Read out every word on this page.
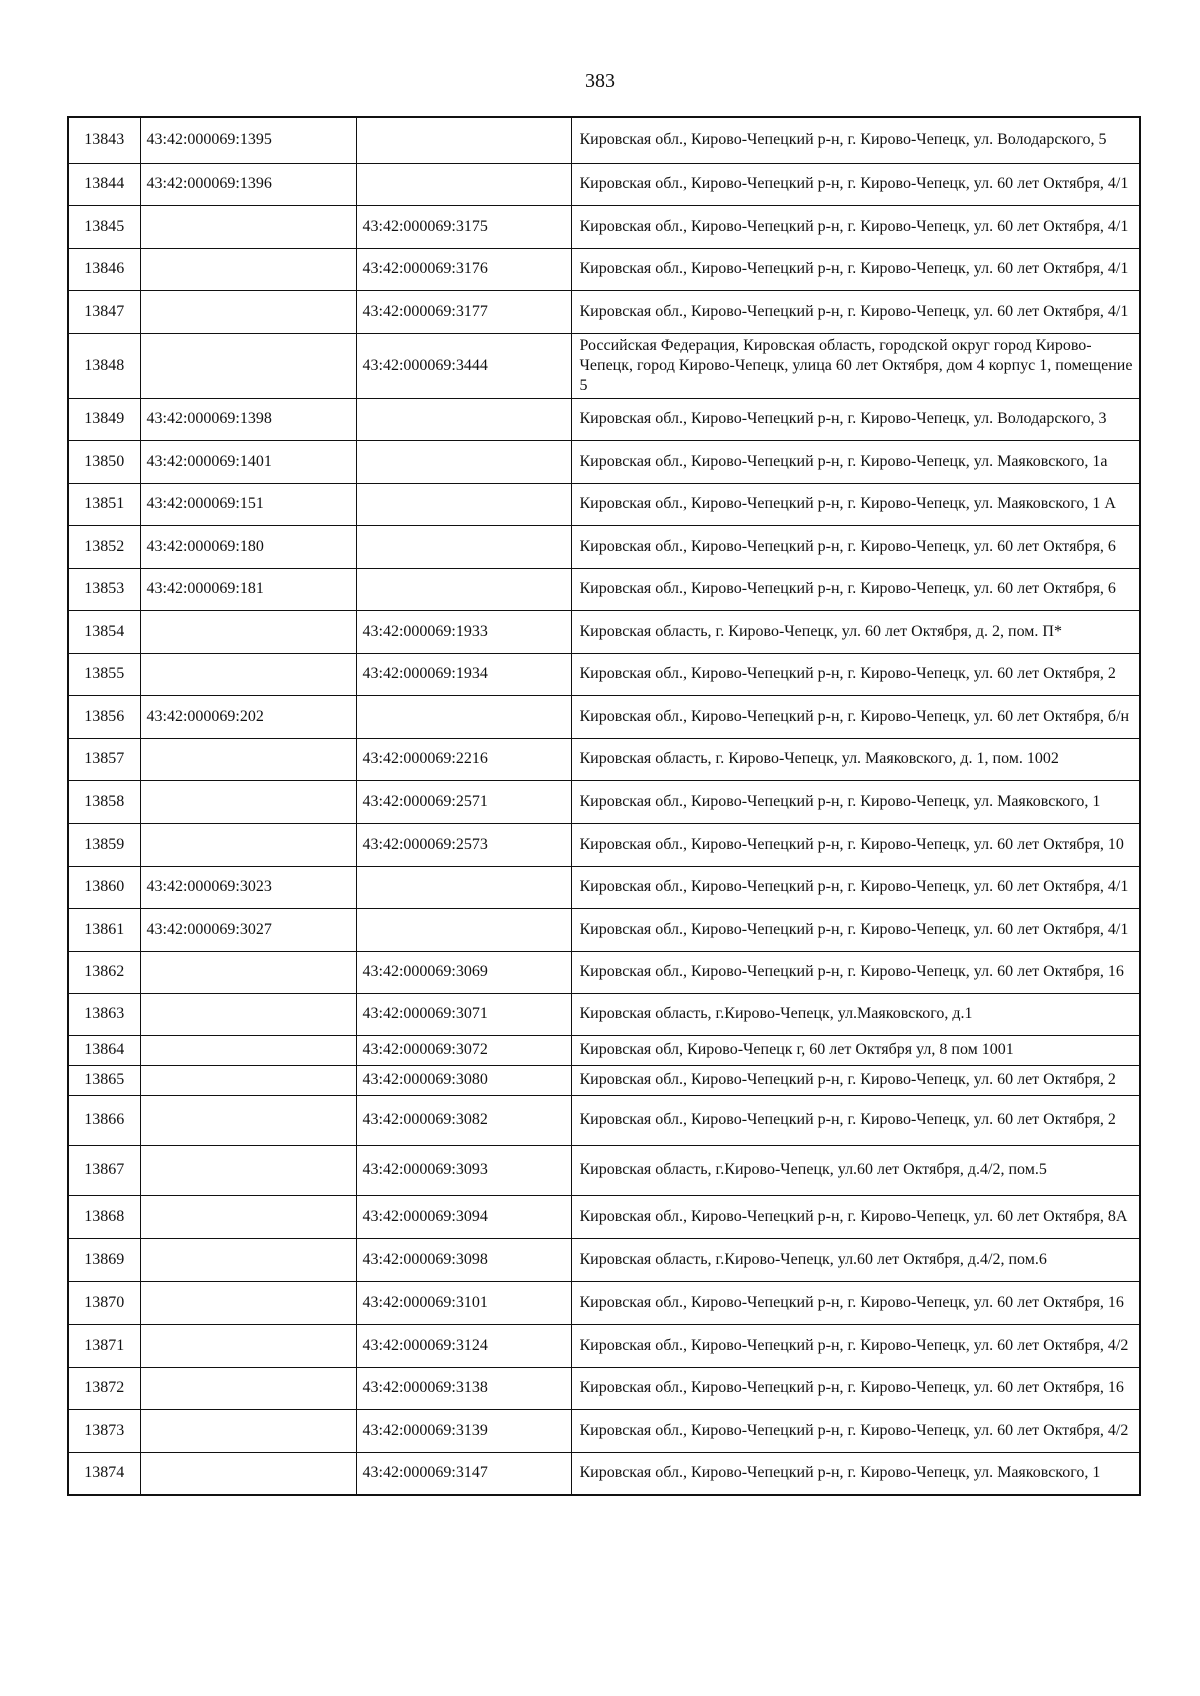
383
13843	43:42:000069:1395		Кировская обл., Кирово-Чепецкий р-н, г. Кирово-Чепецк, ул. Володарского, 5
13844	43:42:000069:1396		Кировская обл., Кирово-Чепецкий р-н, г. Кирово-Чепецк, ул. 60 лет Октября, 4/1
13845		43:42:000069:3175	Кировская обл., Кирово-Чепецкий р-н, г. Кирово-Чепецк, ул. 60 лет Октября, 4/1
13846		43:42:000069:3176	Кировская обл., Кирово-Чепецкий р-н, г. Кирово-Чепецк, ул. 60 лет Октября, 4/1
13847		43:42:000069:3177	Кировская обл., Кирово-Чепецкий р-н, г. Кирово-Чепецк, ул. 60 лет Октября, 4/1
13848		43:42:000069:3444	Российская Федерация, Кировская область, городской округ город Кирово-Чепецк, город Кирово-Чепецк, улица 60 лет Октября, дом 4 корпус 1, помещение 5
13849	43:42:000069:1398		Кировская обл., Кирово-Чепецкий р-н, г. Кирово-Чепецк, ул. Володарского, 3
13850	43:42:000069:1401		Кировская обл., Кирово-Чепецкий р-н, г. Кирово-Чепецк, ул. Маяковского, 1а
13851	43:42:000069:151		Кировская обл., Кирово-Чепецкий р-н, г. Кирово-Чепецк, ул. Маяковского, 1 А
13852	43:42:000069:180		Кировская обл., Кирово-Чепецкий р-н, г. Кирово-Чепецк, ул. 60 лет Октября, 6
13853	43:42:000069:181		Кировская обл., Кирово-Чепецкий р-н, г. Кирово-Чепецк, ул. 60 лет Октября, 6
13854		43:42:000069:1933	Кировская область, г. Кирово-Чепецк, ул. 60 лет Октября, д. 2, пом. П*
13855		43:42:000069:1934	Кировская обл., Кирово-Чепецкий р-н, г. Кирово-Чепецк, ул. 60 лет Октября, 2
13856	43:42:000069:202		Кировская обл., Кирово-Чепецкий р-н, г. Кирово-Чепецк, ул. 60 лет Октября, б/н
13857		43:42:000069:2216	Кировская область, г. Кирово-Чепецк, ул. Маяковского, д. 1, пом. 1002
13858		43:42:000069:2571	Кировская обл., Кирово-Чепецкий р-н, г. Кирово-Чепецк, ул. Маяковского, 1
13859		43:42:000069:2573	Кировская обл., Кирово-Чепецкий р-н, г. Кирово-Чепецк, ул. 60 лет Октября, 10
13860	43:42:000069:3023		Кировская обл., Кирово-Чепецкий р-н, г. Кирово-Чепецк, ул. 60 лет Октября, 4/1
13861	43:42:000069:3027		Кировская обл., Кирово-Чепецкий р-н, г. Кирово-Чепецк, ул. 60 лет Октября, 4/1
13862		43:42:000069:3069	Кировская обл., Кирово-Чепецкий р-н, г. Кирово-Чепецк, ул. 60 лет Октября, 16
13863		43:42:000069:3071	Кировская область, г.Кирово-Чепецк, ул.Маяковского, д.1
13864		43:42:000069:3072	Кировская обл, Кирово-Чепецк г, 60 лет Октября ул, 8 пом 1001
13865		43:42:000069:3080	Кировская обл., Кирово-Чепецкий р-н, г. Кирово-Чепецк, ул. 60 лет Октября, 2
13866		43:42:000069:3082	Кировская обл., Кирово-Чепецкий р-н, г. Кирово-Чепецк, ул. 60 лет Октября, 2
13867		43:42:000069:3093	Кировская область, г.Кирово-Чепецк, ул.60 лет Октября, д.4/2, пом.5
13868		43:42:000069:3094	Кировская обл., Кирово-Чепецкий р-н, г. Кирово-Чепецк, ул. 60 лет Октября, 8А
13869		43:42:000069:3098	Кировская область, г.Кирово-Чепецк, ул.60 лет Октября, д.4/2, пом.6
13870		43:42:000069:3101	Кировская обл., Кирово-Чепецкий р-н, г. Кирово-Чепецк, ул. 60 лет Октября, 16
13871		43:42:000069:3124	Кировская обл., Кирово-Чепецкий р-н, г. Кирово-Чепецк, ул. 60 лет Октября, 4/2
13872		43:42:000069:3138	Кировская обл., Кирово-Чепецкий р-н, г. Кирово-Чепецк, ул. 60 лет Октября, 16
13873		43:42:000069:3139	Кировская обл., Кирово-Чепецкий р-н, г. Кирово-Чепецк, ул. 60 лет Октября, 4/2
13874		43:42:000069:3147	Кировская обл., Кирово-Чепецкий р-н, г. Кирово-Чепецк, ул. Маяковского, 1
